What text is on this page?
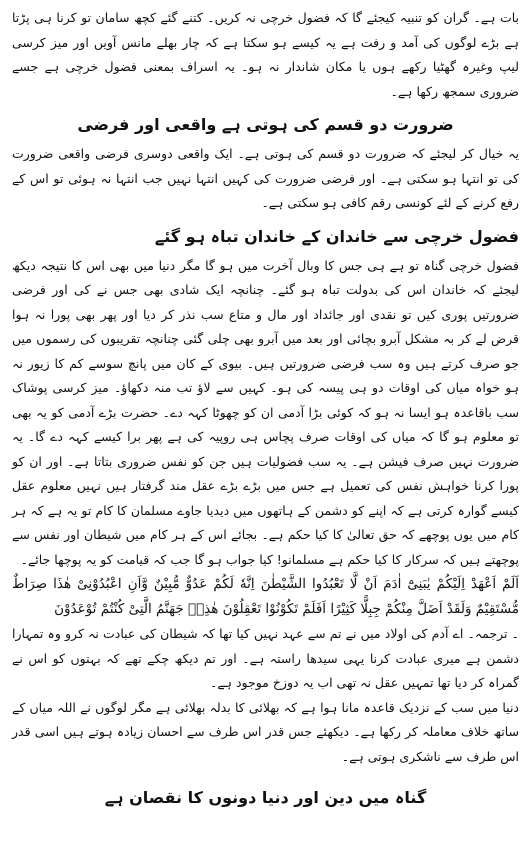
بات ہے۔ گران کو تنبیہ کیجئے گا کہ فضول خرچی نہ کریں۔ کتنے گئے کچھ سامان تو کرنا ہی پڑتا ہے بڑے لوگوں کی آمد و رفت ہے یہ کیسے ہو سکتا ہے کہ چار بھلے مانس آویں اور میز کرسی لیپ وغیرہ گھٹیا رکھے ہوں یا مکان شاندار نہ ہو۔ یہ اسراف بمعنی فضول خرچی ہے جسے ضروری سمجھ رکھا ہے۔

ضرورت دو قسم کی ہوتی ہے واقعی اور فرضی

یہ خیال کر لیجئے کہ ضرورت دو قسم کی ہوتی ہے۔ ایک واقعی دوسری فرضی واقعی ضرورت کی تو انتہا ہو سکتی ہے۔ اور فرضی ضرورت کی کہیں انتہا نہیں جب انتہا نہ ہوئی تو اس کے رفع کرنے کے لئے کونسی رقم کافی ہو سکتی ہے۔

فضول خرچی سے خاندان کے خاندان تباہ ہو گئے

فضول خرچی گناہ تو ہے ہی جس کا وبال آخرت میں ہو گا مگر دنیا میں بھی اس کا نتیجہ دیکھ لیجئے کہ خاندان اس کی بدولت تباہ ہو گئے۔ چنانچہ ایک شادی بھی جس نے کی اور فرضی ضرورتیں پوری کیں تو نقدی اور جائداد اور مال و متاع سب نذر کر دیا اور پھر بھی پورا نہ ہوا قرض لے کر بہ مشکل آبرو بچائی اور بعد میں آبرو بھی چلی گئی چنانچہ تقریبوں کی رسموں میں جو صرف کرتے ہیں وہ سب فرضی ضرورتیں ہیں۔ بیوی کے کان میں پانچ سوسے کم کا زیور نہ ہو خواہ میاں کی اوقات دو ہی پیسہ کی ہو۔ کہیں سے لاؤ تب منہ دکھاؤ۔ میز کرسی پوشاک سب باقاعدہ ہو ایسا نہ ہو کہ کوئی بڑا آدمی ان کو چھوٹا کہہ دے۔ حضرت بڑے آدمی کو یہ بھی تو معلوم ہو گا کہ میاں کی اوقات صرف پچاس ہی روپیہ کی ہے پھر برا کیسے کہہ دے گا۔ یہ ضرورت نہیں صرف فیشن ہے۔ یہ سب فضولیات ہیں جن کو نفس ضروری بتاتا ہے۔ اور ان کو پورا کرنا خواہش نفس کی تعمیل ہے جس میں بڑے بڑے عقل مند گرفتار ہیں نہیں معلوم عقل کیسے گوارہ کرتی ہے کہ اپنے کو دشمن کے ہاتھوں میں دیدیا جاوے مسلمان کا کام تو یہ ہے کہ ہر کام میں یوں پوچھے کہ حق تعالیٰ کا کیا حکم ہے۔ بجائے اس کے ہر کام میں شیطان اور نفس سے پوچھتے ہیں کہ سرکار کا کیا حکم ہے مسلمانو! کیا جواب ہو گا جب کہ قیامت کو یہ پوچھا جائے۔

اَلَمْ اَعْهَدْ اِلَیْكُمْ یٰبَنِیْٓ اٰدَمَ اَنْ لَّا تَعْبُدُوا الشَّیْطٰنَ اِنَّهٗ لَكُمْ عَدُوٌّ مُّبِیْنٌ وَّاَنِ اعْبُدُوْنِیْ هٰذَا صِرَاطٌ مُّسْتَقِیْمٌ وَلَقَدْ اَضَلَّ مِنْكُمْ جِبِلًّا كَثِیْرًا اَفَلَمْ تَكُوْنُوْا تَعْقِلُوْنَ هٰذِهٖ جَهَنَّمُ الَّتِیْ كُنْتُمْ تُوْعَدُوْنَ

۔ ترجمہ۔ اے آدم کی اولاد میں نے تم سے عہد نہیں کیا تھا کہ شیطان کی عبادت نہ کرو وہ تمہارا دشمن ہے میری عبادت کرنا یہی سیدھا راستہ ہے۔ اور تم دیکھ چکے تھے کہ بہتوں کو اس نے گمراہ کر دیا تھا تمہیں عقل نہ تھی اب یہ دوزخ موجود ہے۔

دنیا میں سب کے نزدیک قاعدہ مانا ہوا ہے کہ بھلائی کا بدلہ بھلائی ہے مگر لوگوں نے اللہ میاں کے ساتھ خلاف معاملہ کر رکھا ہے۔ دیکھئے جس قدر اس طرف سے احسان زیادہ ہوتے ہیں اسی قدر اس طرف سے ناشکری ہوتی ہے۔

گناہ میں دین اور دنیا دونوں کا نقصان ہے
